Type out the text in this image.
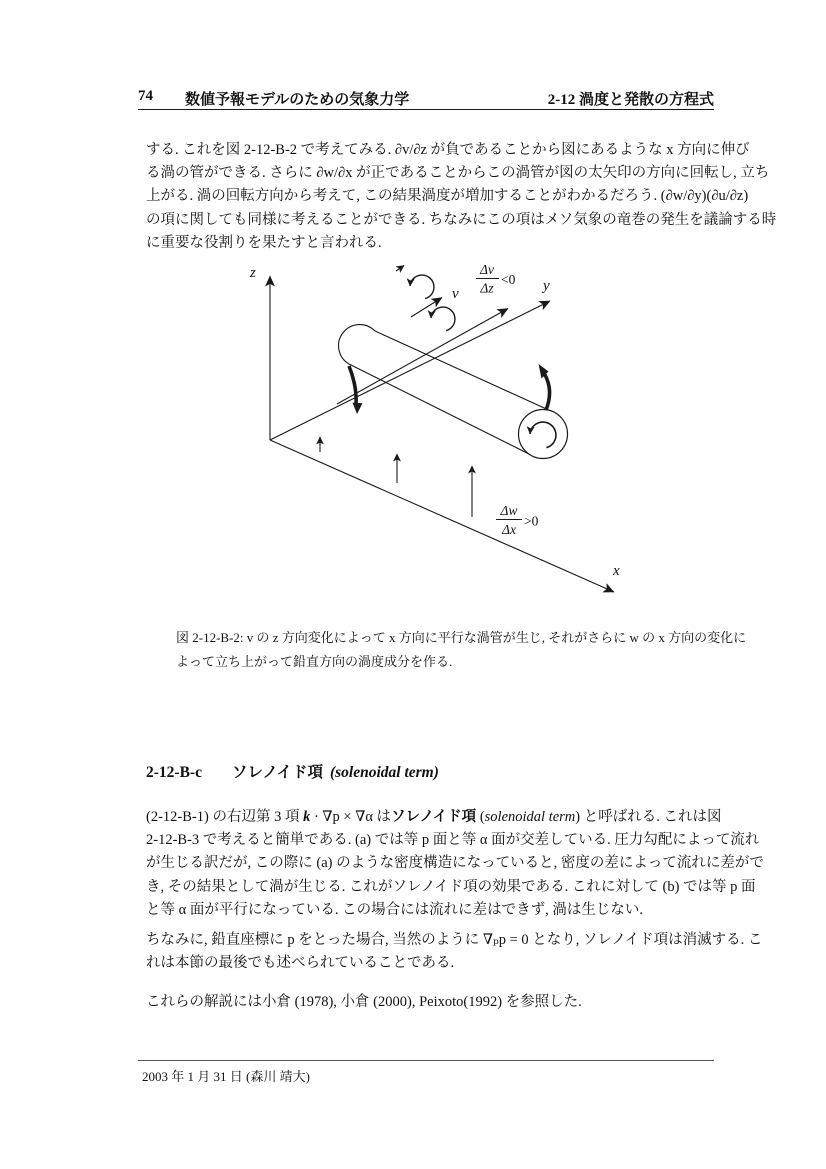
74 数値予報モデルのための気象力学	2-12 渦度と発散の方程式
する. これを図 2-12-B-2 で考えてみる. ∂v/∂z が負であることから図にあるような x 方向に伸び
る渦の管ができる. さらに ∂w/∂x が正であることからこの渦管が図の太矢印の方向に回転し, 立ち
上がる. 渦の回転方向から考えて, この結果渦度が増加することがわかるだろう. (∂w/∂y)(∂u/∂z)
の項に関しても同様に考えることができる. ちなみにこの項はメソ気象の竜巻の発生を議論する時
に重要な役割りを果たすと言われる.
z
y
x
v
Δv
Δz
<0
Δw
Δx
>0
図 2-12-B-2: v の z 方向変化によって x 方向に平行な渦管が生じ, それがさらに w の x 方向の変化に
よって立ち上がって鉛直方向の渦度成分を作る.
2-12-B-c ソレノイド項 (solenoidal term)
(2-12-B-1) の右辺第 3 項 k · ∇p × ∇α はソレノイド項 (solenoidal term) と呼ばれる. これは図
2-12-B-3 で考えると簡単である. (a) では等 p 面と等 α 面が交差している. 圧力勾配によって流れ
が生じる訳だが, この際に (a) のような密度構造になっていると, 密度の差によって流れに差がで
き, その結果として渦が生じる. これがソレノイド項の効果である. これに対して (b) では等 p 面
と等 α 面が平行になっている. この場合には流れに差はできず, 渦は生じない.
ちなみに, 鉛直座標に p をとった場合, 当然のように ∇ₚp = 0 となり, ソレノイド項は消滅する. こ
れは本節の最後でも述べられていることである.
これらの解説には小倉 (1978), 小倉 (2000), Peixoto(1992) を参照した.
2003 年 1 月 31 日 (森川 靖大)
